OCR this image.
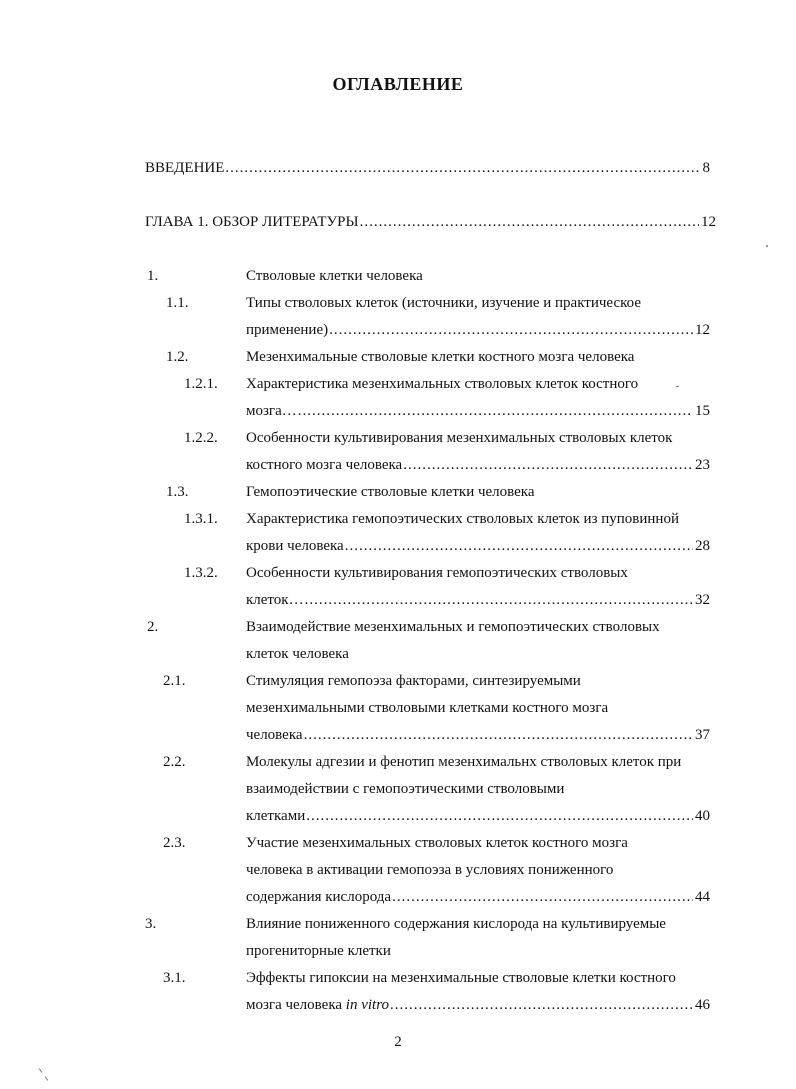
ОГЛАВЛЕНИЕ
ВВЕДЕНИЕ .....	8
ГЛАВА 1. ОБЗОР ЛИТЕРАТУРЫ .....	12
1.	Стволовые клетки человека
1.1.	Типы стволовых клеток (источники, изучение и практическое
применение) .....	12
1.2.	Мезенхимальные стволовые клетки костного мозга человека
1.2.1. Характеристика мезенхимальных стволовых клеток костного
мозга… .....	15
1.2.2. Особенности культивирования мезенхимальных стволовых клеток
костного мозга человека .....	23
1.3.	Гемопоэтические стволовые клетки человека
1.3.1. Характеристика гемопоэтических стволовых клеток из пуповинной
крови человека .....	28
1.3.2. Особенности культивирования гемопоэтических стволовых
клеток… .....	32
2.	Взаимодействие мезенхимальных и гемопоэтических стволовых
клеток человека
2.1.	Стимуляция гемопоэза факторами, синтезируемыми
мезенхимальными стволовыми клетками костного мозга
человека .....	37
2.2.	Молекулы адгезии и фенотип мезенхимальнх стволовых клеток при
взаимодействии с гемопоэтическими стволовыми
клетками .....	40
2.3.	Участие мезенхимальных стволовых клеток костного мозга
человека в активации гемопоэза в условиях пониженного
содержания кислорода .....	44
3.	Влияние пониженного содержания кислорода на культивируемые
прогениторные клетки
3.1.	Эффекты гипоксии на мезенхимальные стволовые клетки костного
мозга человека in vitro .....	46
2
